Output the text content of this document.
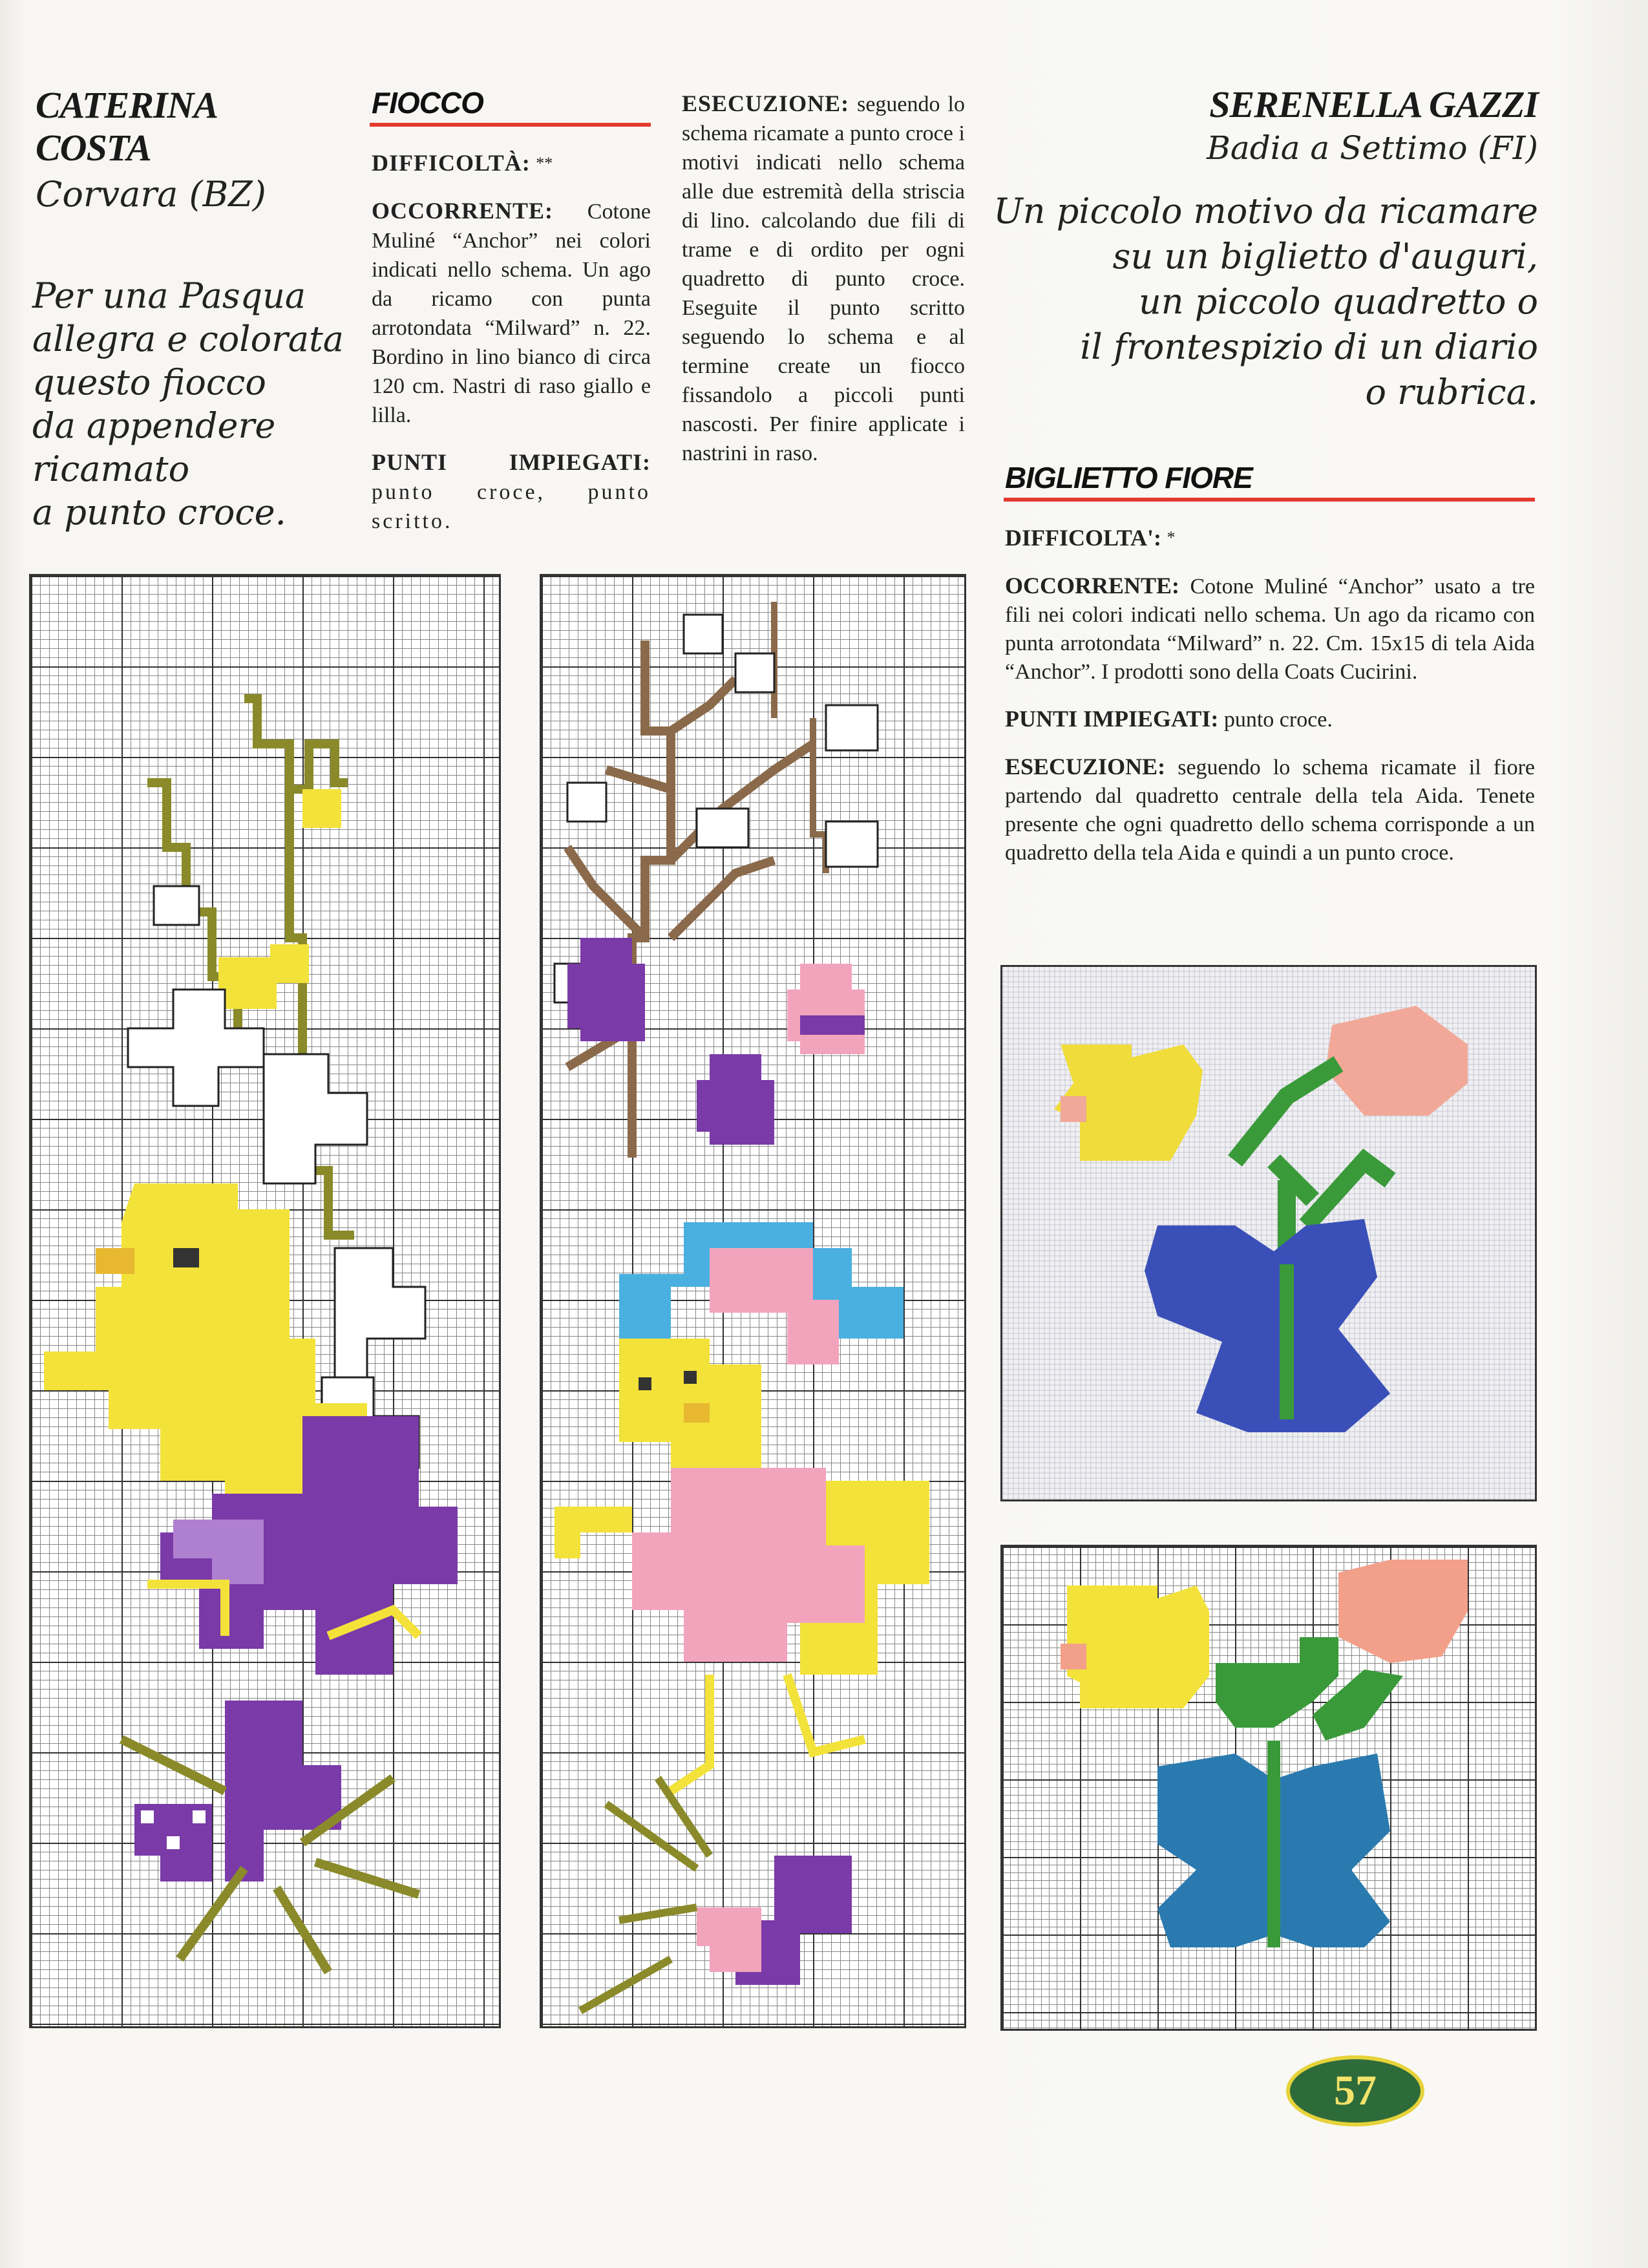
CATERINA
COSTA
Corvara (BZ)
Per una Pasqua
allegra e colorata
questo fiocco
da appendere
ricamato
a punto croce.
FIOCCO
DIFFICOLTÀ: **
OCCORRENTE: Cotone Muliné “Anchor” nei colori indicati nello schema. Un ago da ricamo con punta arrotondata “Milward” n. 22. Bordino in lino bianco di circa 120 cm. Nastri di raso giallo e lilla.
PUNTI IMPIEGATI: punto croce, punto scritto.
ESECUZIONE: seguendo lo schema ricamate a punto croce i motivi indicati nello schema alle due estremità della striscia di lino. calcolando due fili di trame e di ordito per ogni quadretto di punto croce. Eseguite il punto scritto seguendo lo schema e al termine create un fiocco fissandolo a piccoli punti nascosti. Per finire applicate i nastrini in raso.
SERENELLA GAZZI
Badia a Settimo (FI)
Un piccolo motivo da ricamare
su un biglietto d'auguri,
un piccolo quadretto o
il frontespizio di un diario
o rubrica.
BIGLIETTO FIORE
DIFFICOLTA': *
OCCORRENTE: Cotone Muliné “Anchor” usato a tre fili nei colori indicati nello schema. Un ago da ricamo con punta arrotondata “Milward” n. 22. Cm. 15x15 di tela Aida “Anchor”. I prodotti sono della Coats Cucirini.
PUNTI IMPIEGATI: punto croce.
ESECUZIONE: seguendo lo schema ricamate il fiore partendo dal quadretto centrale della tela Aida. Tenete presente che ogni quadretto dello schema corrisponde a un quadretto della tela Aida e quindi a un punto croce.
57
